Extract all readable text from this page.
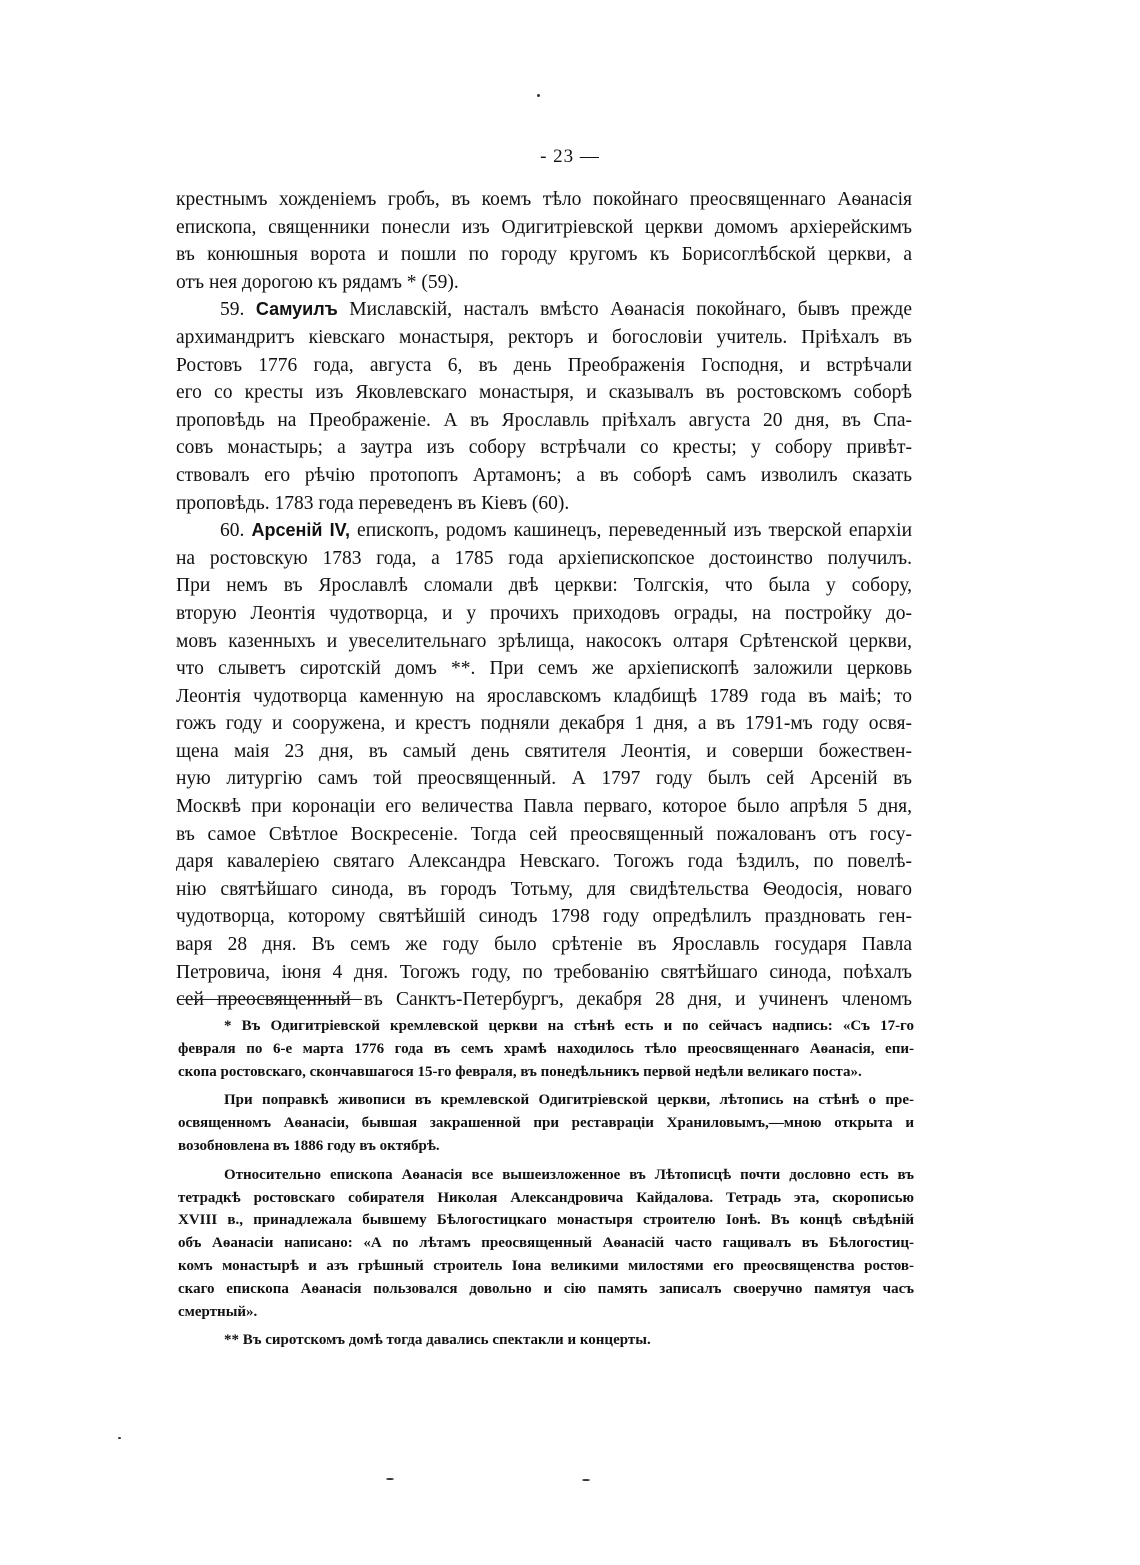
- 23 —
крестнымъ хожденіемъ гробъ, въ коемъ тѣло покойнаго преосвященнаго Аѳанасія
епископа, священники понесли изъ Одигитріевской церкви домомъ архіерейскимъ
въ конюшныя ворота и пошли по городу кругомъ къ Борисоглѣбской церкви, а
отъ нея дорогою къ рядамъ * (59).
59. Самуилъ Миславскій, насталъ вмѣсто Аѳанасія покойнаго, бывъ прежде
архимандритъ кіевскаго монастыря, ректоръ и богословіи учитель. Пріѣхалъ въ
Ростовъ 1776 года, августа 6, въ день Преображенія Господня, и встрѣчали
его со кресты изъ Яковлевскаго монастыря, и сказывалъ въ ростовскомъ соборѣ
проповѣдь на Преображеніе. А въ Ярославль пріѣхалъ августа 20 дня, въ Спа-
совъ монастырь; а заутра изъ собору встрѣчали со кресты; у собору привѣт-
ствовалъ его рѣчію протопопъ Артамонъ; а въ соборѣ самъ изволилъ сказать
проповѣдь. 1783 года переведенъ въ Кіевъ (60).
60. Арсеній IV, епископъ, родомъ кашинецъ, переведенный изъ тверской епархіи
на ростовскую 1783 года, а 1785 года архіепископское достоинство получилъ.
При немъ въ Ярославлѣ сломали двѣ церкви: Толгскія, что была у собору,
вторую Леонтія чудотворца, и у прочихъ приходовъ ограды, на постройку до-
мовъ казенныхъ и увеселительнаго зрѣлища, накосокъ олтаря Срѣтенской церкви,
что слыветъ сиротскій домъ **. При семъ же архіепископѣ заложили церковь
Леонтія чудотворца каменную на ярославскомъ кладбищѣ 1789 года въ маіѣ; то
гожъ году и сооружена, и крестъ подняли декабря 1 дня, а въ 1791-мъ году освя-
щена маія 23 дня, въ самый день святителя Леонтія, и соверши божествен-
ную литургію самъ той преосвященный. А 1797 году былъ сей Арсеній въ
Москвѣ при коронаціи его величества Павла перваго, которое было апрѣля 5 дня,
въ самое Свѣтлое Воскресеніе. Тогда сей преосвященный пожалованъ отъ госу-
даря кавалеріею святаго Александра Невскаго. Тогожъ года ѣздилъ, по повелѣ-
нію святѣйшаго синода, въ городъ Тотьму, для свидѣтельства Ѳеодосія, новаго
чудотворца, которому святѣйшій синодъ 1798 году опредѣлилъ праздновать ген-
варя 28 дня. Въ семъ же году было срѣтеніе въ Ярославль государя Павла
Петровича, іюня 4 дня. Тогожъ году, по требованію святѣйшаго синода, поѣхалъ
сей преосвященный въ Санктъ-Петербургъ, декабря 28 дня, и учиненъ членомъ
* Въ Одигитріевской кремлевской церкви на стѣнѣ есть и по сейчасъ надпись: «Съ 17-го
февраля по 6-е марта 1776 года въ семъ храмѣ находилось тѣло преосвященнаго Аѳанасія, епи-
скопа ростовскаго, скончавшагося 15-го февраля, въ понедѣльникъ первой недѣли великаго поста».
При поправкѣ живописи въ кремлевской Одигитріевской церкви, лѣтопись на стѣнѣ о пре-
освященномъ Аѳанасіи, бывшая закрашенной при реставраціи Храниловымъ,—мною открыта и
возобновлена въ 1886 году въ октябрѣ.
Относительно епископа Аѳанасія все вышеизложенное въ Лѣтописцѣ почти дословно есть въ
тетрадкѣ ростовскаго собирателя Николая Александровича Кайдалова. Тетрадь эта, скорописью
XVIII в., принадлежала бывшему Бѣлогостицкаго монастыря строителю Іонѣ. Въ концѣ свѣдѣній
объ Аѳанасіи написано: «А по лѣтамъ преосвященный Аѳанасій часто гащивалъ въ Бѣлогостиц-
комъ монастырѣ и азъ грѣшный строитель Іона великими милостями его преосвященства ростов-
скаго епископа Аѳанасія пользовался довольно и сію память записалъ своеручно памятуя часъ
смертный».
** Въ сиротскомъ домѣ тогда давались спектакли и концерты.
